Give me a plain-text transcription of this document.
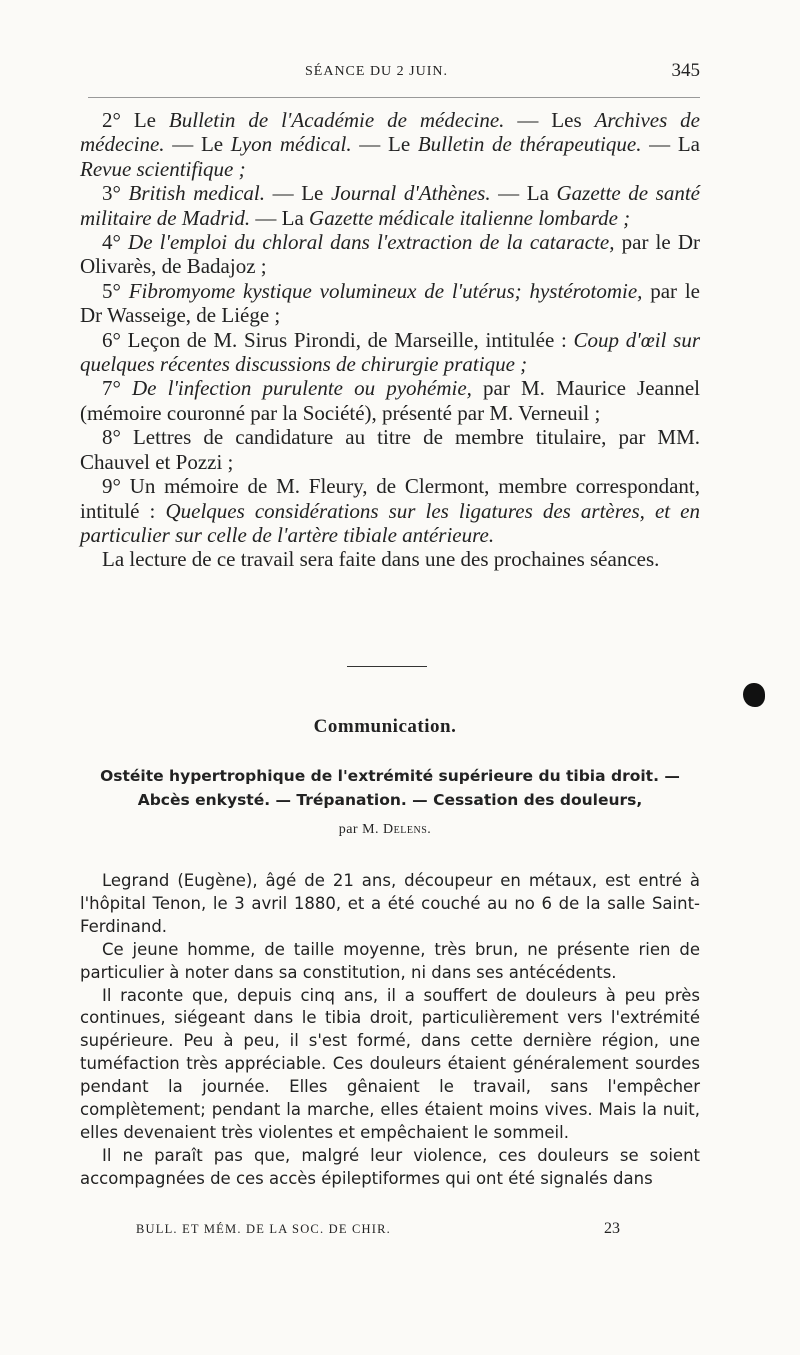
SÉANCE DU 2 JUIN.	345

2° Le Bulletin de l'Académie de médecine. — Les Archives de médecine. — Le Lyon médical. — Le Bulletin de thérapeutique. — La Revue scientifique ;

3° British medical. — Le Journal d'Athènes. — La Gazette de santé militaire de Madrid. — La Gazette médicale italienne lombarde ;

4° De l'emploi du chloral dans l'extraction de la cataracte, par le Dr Olivarès, de Badajoz ;

5° Fibromyome kystique volumineux de l'utérus; hystérotomie, par le Dr Wasseige, de Liége ;

6° Leçon de M. Sirus Pirondi, de Marseille, intitulée : Coup d'œil sur quelques récentes discussions de chirurgie pratique ;

7° De l'infection purulente ou pyohémie, par M. Maurice Jeannel (mémoire couronné par la Société), présenté par M. Verneuil ;

8° Lettres de candidature au titre de membre titulaire, par MM. Chauvel et Pozzi ;

9° Un mémoire de M. Fleury, de Clermont, membre correspondant, intitulé : Quelques considérations sur les ligatures des artères, et en particulier sur celle de l'artère tibiale antérieure.

La lecture de ce travail sera faite dans une des prochaines séances.

Communication.
Ostéite hypertrophique de l'extrémité supérieure du tibia droit. — Abcès enkysté. — Trépanation. — Cessation des douleurs,
par M. Delens.

Legrand (Eugène), âgé de 21 ans, découpeur en métaux, est entré à l'hôpital Tenon, le 3 avril 1880, et a été couché au no 6 de la salle Saint-Ferdinand.

Ce jeune homme, de taille moyenne, très brun, ne présente rien de particulier à noter dans sa constitution, ni dans ses antécédents.

Il raconte que, depuis cinq ans, il a souffert de douleurs à peu près continues, siégeant dans le tibia droit, particulièrement vers l'extrémité supérieure. Peu à peu, il s'est formé, dans cette dernière région, une tuméfaction très appréciable. Ces douleurs étaient généralement sourdes pendant la journée. Elles gênaient le travail, sans l'empêcher complètement; pendant la marche, elles étaient moins vives. Mais la nuit, elles devenaient très violentes et empêchaient le sommeil.

Il ne paraît pas que, malgré leur violence, ces douleurs se soient accompagnées de ces accès épileptiformes qui ont été signalés dans

BULL. ET MÉM. DE LA SOC. DE CHIR.	23
